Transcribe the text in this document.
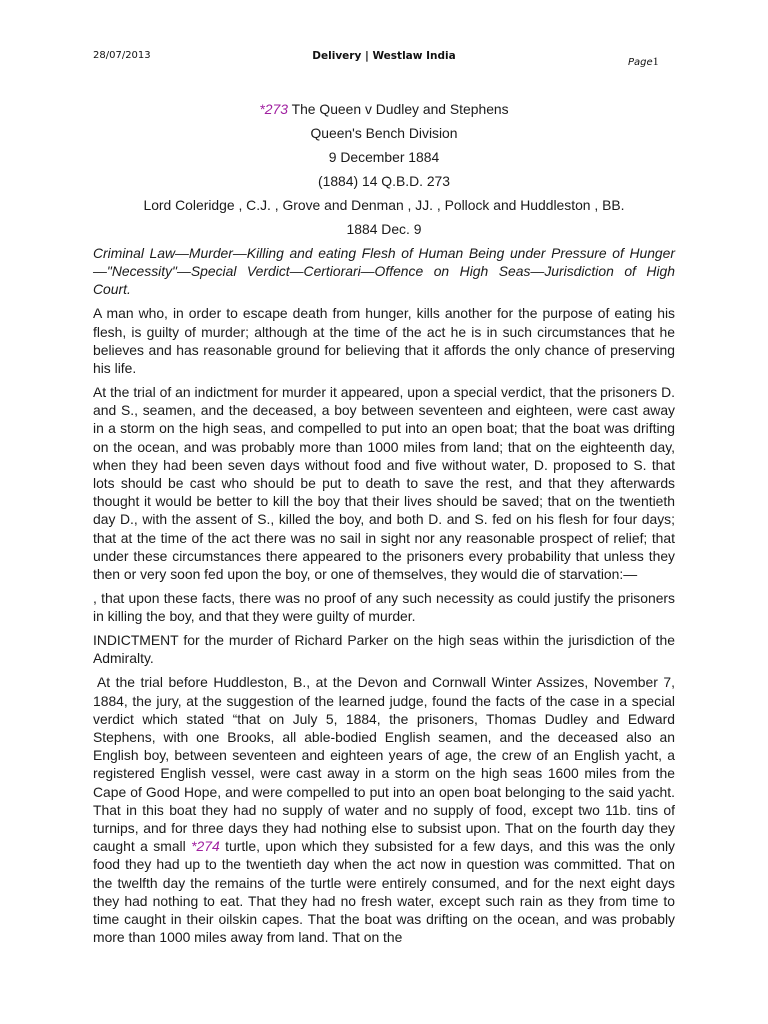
28/07/2013	Delivery | Westlaw India
Page1
*273 The Queen v Dudley and Stephens
Queen's Bench Division
9 December 1884
(1884) 14 Q.B.D. 273
Lord Coleridge , C.J. , Grove and Denman , JJ. , Pollock and Huddleston , BB.
1884 Dec. 9

Criminal Law—Murder—Killing and eating Flesh of Human Being under Pressure of Hunger—"Necessity"—Special Verdict—Certiorari—Offence on High Seas—Jurisdiction of High Court.

A man who, in order to escape death from hunger, kills another for the purpose of eating his flesh, is guilty of murder; although at the time of the act he is in such circumstances that he believes and has reasonable ground for believing that it affords the only chance of preserving his life.

At the trial of an indictment for murder it appeared, upon a special verdict, that the prisoners D. and S., seamen, and the deceased, a boy between seventeen and eighteen, were cast away in a storm on the high seas, and compelled to put into an open boat; that the boat was drifting on the ocean, and was probably more than 1000 miles from land; that on the eighteenth day, when they had been seven days without food and five without water, D. proposed to S. that lots should be cast who should be put to death to save the rest, and that they afterwards thought it would be better to kill the boy that their lives should be saved; that on the twentieth day D., with the assent of S., killed the boy, and both D. and S. fed on his flesh for four days; that at the time of the act there was no sail in sight nor any reasonable prospect of relief; that under these circumstances there appeared to the prisoners every probability that unless they then or very soon fed upon the boy, or one of themselves, they would die of starvation:—

, that upon these facts, there was no proof of any such necessity as could justify the prisoners in killing the boy, and that they were guilty of murder.

INDICTMENT for the murder of Richard Parker on the high seas within the jurisdiction of the Admiralty.

At the trial before Huddleston, B., at the Devon and Cornwall Winter Assizes, November 7, 1884, the jury, at the suggestion of the learned judge, found the facts of the case in a special verdict which stated “that on July 5, 1884, the prisoners, Thomas Dudley and Edward Stephens, with one Brooks, all able-bodied English seamen, and the deceased also an English boy, between seventeen and eighteen years of age, the crew of an English yacht, a registered English vessel, were cast away in a storm on the high seas 1600 miles from the Cape of Good Hope, and were compelled to put into an open boat belonging to the said yacht. That in this boat they had no supply of water and no supply of food, except two 11b. tins of turnips, and for three days they had nothing else to subsist upon. That on the fourth day they caught a small *274 turtle, upon which they subsisted for a few days, and this was the only food they had up to the twentieth day when the act now in question was committed. That on the twelfth day the remains of the turtle were entirely consumed, and for the next eight days they had nothing to eat. That they had no fresh water, except such rain as they from time to time caught in their oilskin capes. That the boat was drifting on the ocean, and was probably more than 1000 miles away from land. That on the
